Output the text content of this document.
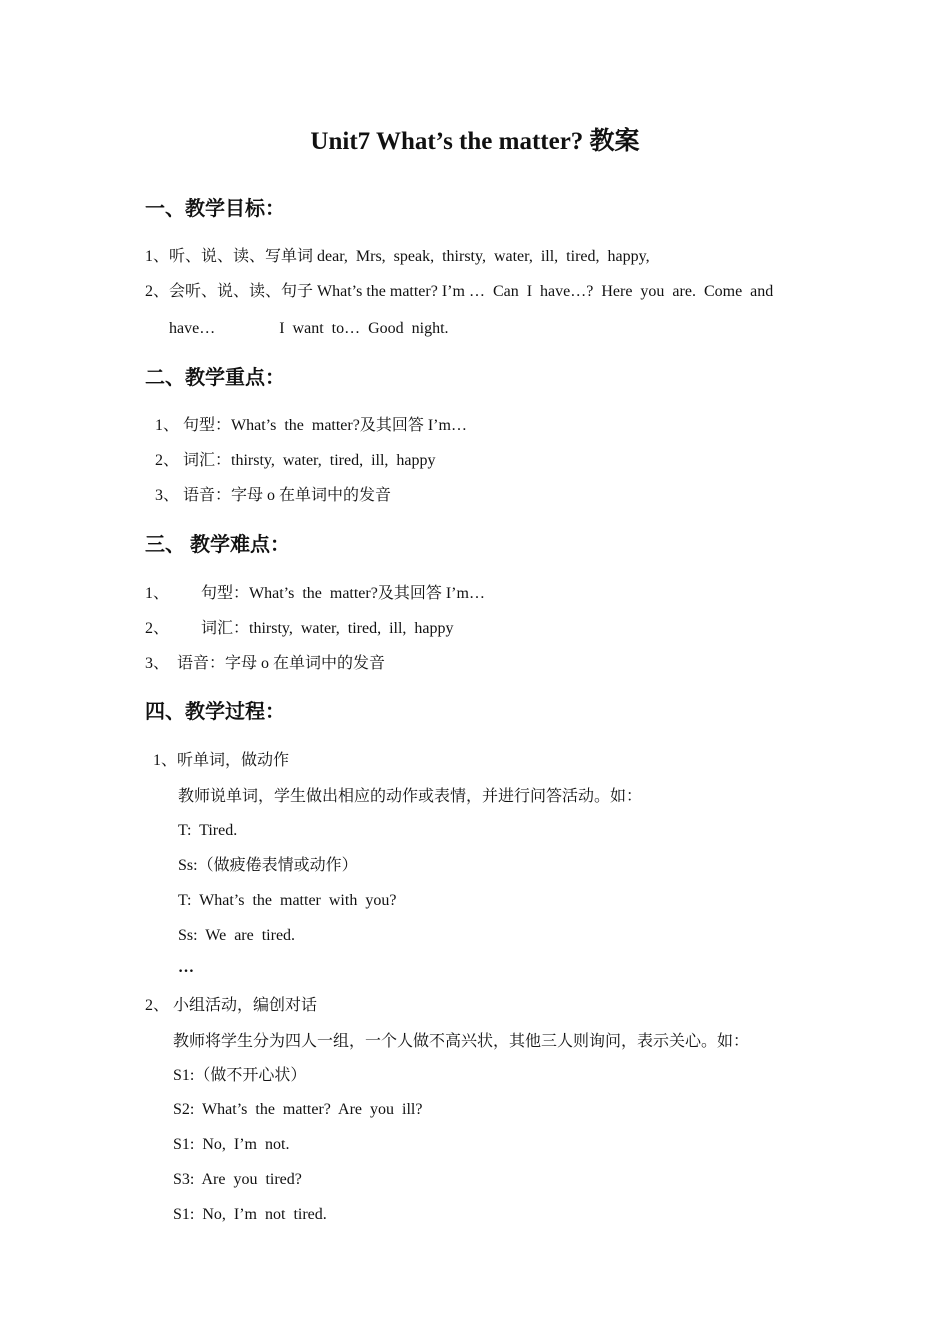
Unit7 What’s the matter? 教案
一、教学目标：
1、听、说、读、写单词 dear,  Mrs,  speak,  thirsty,  water,  ill,  tired,  happy,
2、会听、说、读、句子 What’s the matter? I’m …  Can  I  have…?  Here  you  are.  Come  and
have…                I  want  to…  Good  night.
二、教学重点：
1、 句型：What’s  the  matter?及其回答 I’m…
2、 词汇：thirsty,  water,  tired,  ill,  happy
3、 语音：字母 o 在单词中的发音
三、 教学难点：
1、        句型：What’s  the  matter?及其回答 I’m…
2、        词汇：thirsty,  water,  tired,  ill,  happy
3、  语音：字母 o 在单词中的发音
四、教学过程：
1、听单词，做动作
教师说单词，学生做出相应的动作或表情，并进行问答活动。如：
T:  Tired.
Ss:（做疲倦表情或动作）
T:  What’s  the  matter  with  you?
Ss:  We  are  tired.
…
2、 小组活动，编创对话
教师将学生分为四人一组，一个人做不高兴状，其他三人则询问，表示关心。如：
S1:（做不开心状）
S2:  What’s  the  matter?  Are  you  ill?
S1:  No,  I’m  not.
S3:  Are  you  tired?
S1:  No,  I’m  not  tired.
